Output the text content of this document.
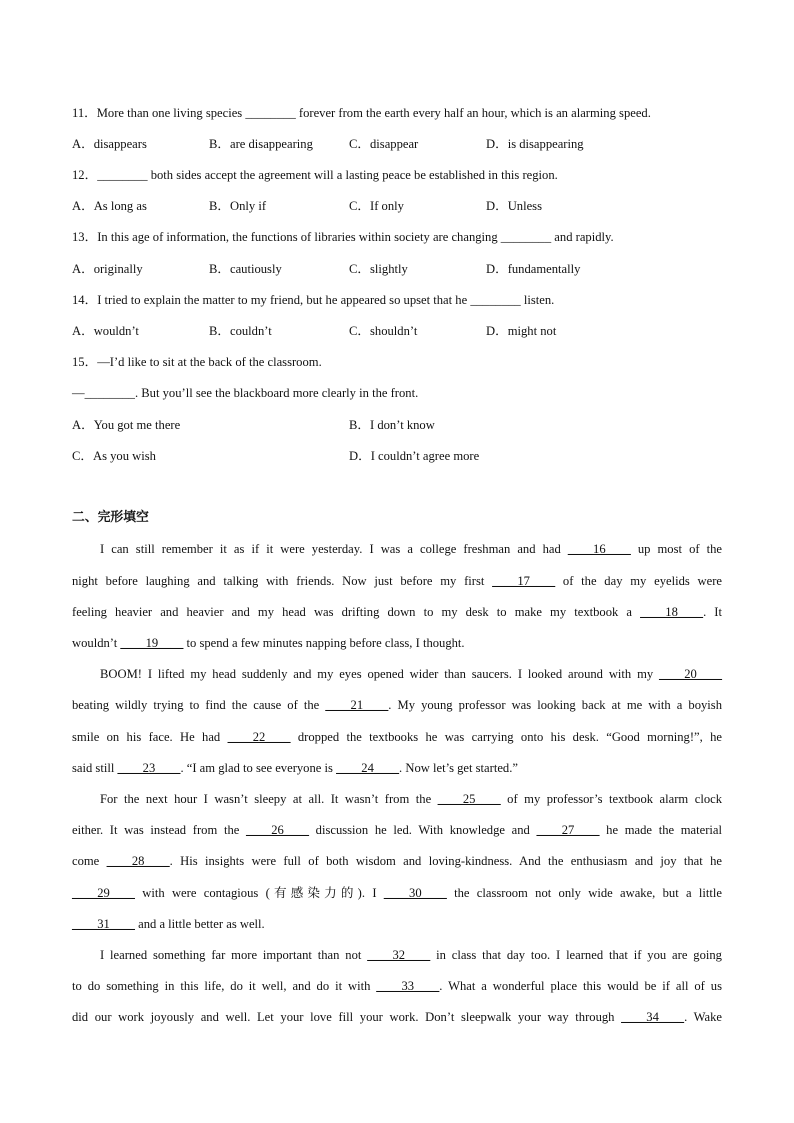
11．More than one living species ________ forever from the earth every half an hour, which is an alarming speed.
A．disappears	B．are disappearing	C．disappear	D．is disappearing
12．________ both sides accept the agreement will a lasting peace be established in this region.
A．As long as	B．Only if	C．If only	D．Unless
13．In this age of information, the functions of libraries within society are changing ________ and rapidly.
A．originally	B．cautiously	C．slightly	D．fundamentally
14．I tried to explain the matter to my friend, but he appeared so upset that he ________ listen.
A．wouldn’t	B．couldn’t	C．shouldn’t	D．might not
15．—I’d like to sit at the back of the classroom.
—________. But you’ll see the blackboard more clearly in the front.
A．You got me there	B．I don’t know
C．As you wish	D．I couldn’t agree more
二、完形填空
I can still remember it as if it were yesterday. I was a college freshman and had ____16____ up most of the
night before laughing and talking with friends. Now just before my first ____17____ of the day my eyelids were
feeling heavier and heavier and my head was drifting down to my desk to make my textbook a ____18____. It
wouldn’t ____19____ to spend a few minutes napping before class, I thought.
BOOM! I lifted my head suddenly and my eyes opened wider than saucers. I looked around with my ____20____
beating wildly trying to find the cause of the ____21____. My young professor was looking back at me with a boyish
smile on his face. He had ____22____ dropped the textbooks he was carrying onto his desk. “Good morning!”, he
said still ____23____. “I am glad to see everyone is ____24____. Now let’s get started.”
For the next hour I wasn’t sleepy at all. It wasn’t from the ____25____ of my professor’s textbook alarm clock
either. It was instead from the ____26____ discussion he led. With knowledge and ____27____ he made the material
come ____28____. His insights were full of both wisdom and loving-kindness. And the enthusiasm and joy that he
____29____ with were contagious (有感染力的). I ____30____ the classroom not only wide awake, but a little
____31____ and a little better as well.
I learned something far more important than not ____32____ in class that day too. I learned that if you are going
to do something in this life, do it well, and do it with ____33____. What a wonderful place this would be if all of us
did our work joyously and well. Let your love fill your work. Don’t sleepwalk your way through ____34____. Wake
